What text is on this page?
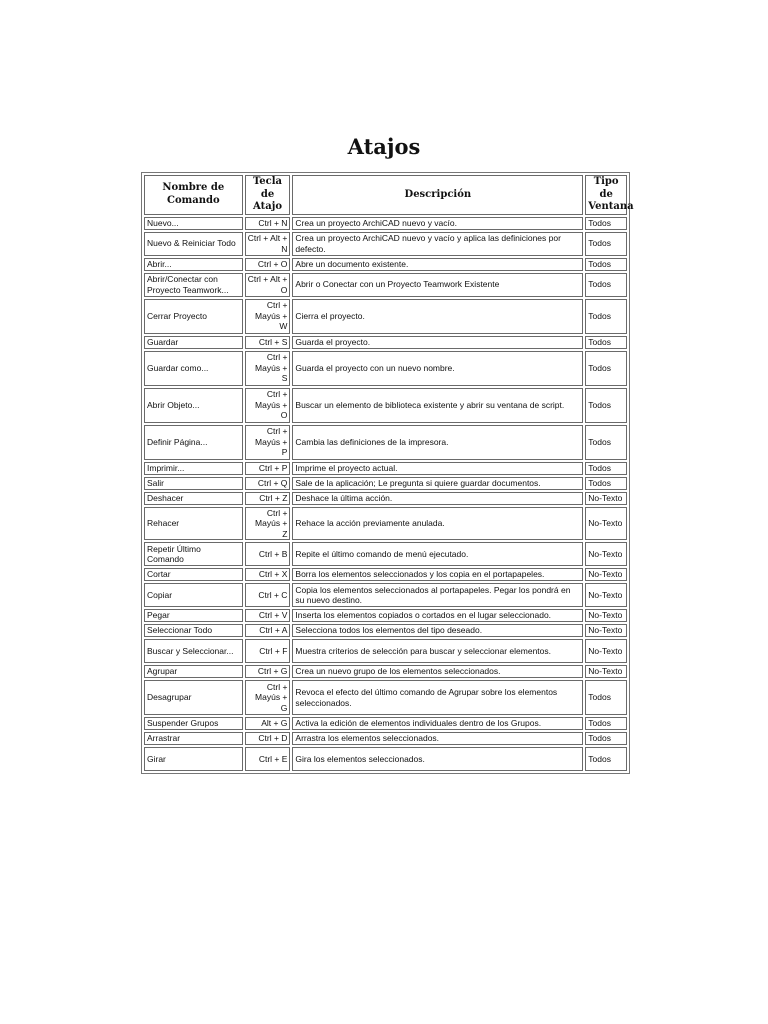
Atajos
Nombre de Comando	Tecla de Atajo	Descripción	Tipo de Ventana
Nuevo...	Ctrl + N	Crea un proyecto ArchiCAD nuevo y vacío.	Todos
Nuevo & Reiniciar Todo	Ctrl + Alt + N	Crea un proyecto ArchiCAD nuevo y vacío y aplica las definiciones por defecto.	Todos
Abrir...	Ctrl + O	Abre un documento existente.	Todos
Abrir/Conectar con Proyecto Teamwork...	Ctrl + Alt + O	Abrir o Conectar con un Proyecto Teamwork Existente	Todos
Cerrar Proyecto	Ctrl + Mayús + W	Cierra el proyecto.	Todos
Guardar	Ctrl + S	Guarda el proyecto.	Todos
Guardar como...	Ctrl + Mayús + S	Guarda el proyecto con un nuevo nombre.	Todos
Abrir Objeto...	Ctrl + Mayús + O	Buscar un elemento de biblioteca existente y abrir su ventana de script.	Todos
Definir Página...	Ctrl + Mayús + P	Cambia las definiciones de la impresora.	Todos
Imprimir...	Ctrl + P	Imprime el proyecto actual.	Todos
Salir	Ctrl + Q	Sale de la aplicación; Le pregunta si quiere guardar documentos.	Todos
Deshacer	Ctrl + Z	Deshace la última acción.	No-Texto
Rehacer	Ctrl + Mayús + Z	Rehace la acción previamente anulada.	No-Texto
Repetir Último Comando	Ctrl + B	Repite el último comando de menú ejecutado.	No-Texto
Cortar	Ctrl + X	Borra los elementos seleccionados y los copia en el portapapeles.	No-Texto
Copiar	Ctrl + C	Copia los elementos seleccionados al portapapeles. Pegar los pondrá en su nuevo destino.	No-Texto
Pegar	Ctrl + V	Inserta los elementos copiados o cortados en el lugar seleccionado.	No-Texto
Seleccionar Todo	Ctrl + A	Selecciona todos los elementos del tipo deseado.	No-Texto
Buscar y Seleccionar...	Ctrl + F	Muestra criterios de selección para buscar y seleccionar elementos.	No-Texto
Agrupar	Ctrl + G	Crea un nuevo grupo de los elementos seleccionados.	No-Texto
Desagrupar	Ctrl + Mayús + G	Revoca el efecto del último comando de Agrupar sobre los elementos seleccionados.	Todos
Suspender Grupos	Alt + G	Activa la edición de elementos individuales dentro de los Grupos.	Todos
Arrastrar	Ctrl + D	Arrastra los elementos seleccionados.	Todos
Girar	Ctrl + E	Gira los elementos seleccionados.	Todos
